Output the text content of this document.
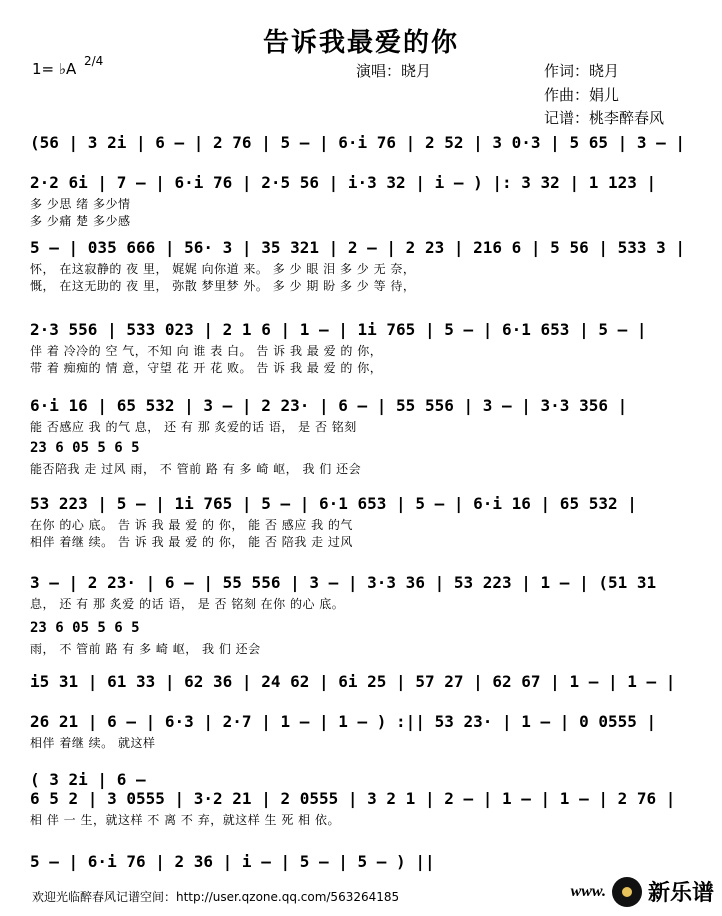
告诉我最爱的你
1= ♭A 2/4
演唱：晓月	作词：晓月
作曲：娟儿
记谱：桃李醉春风
(56 | 3 2i | 6 – | 2 76 | 5 – | 6·i 76 | 2 52 | 3 0·3 | 5 65 | 3 – |
2·2 6i | 7 – | 6·i 76 | 2·5 56 | i·3 32 | i – ) |: 3 32 | 1 123 |
多 少思 绪 多少情
多 少痛 楚 多少感
5 – | 035 666 | 56· 3 | 35 321 | 2 – | 2 23 | 216 6 | 5 56 | 533 3 |
怀， 在这寂静的 夜 里， 娓娓 向你道 来。 多 少 眼 泪 多 少 无 奈，
慨， 在这无助的 夜 里， 弥散 梦里梦 外。 多 少 期 盼 多 少 等 待，
2·3 556 | 533 023 | 2 1 6 | 1 – | 1i 765 | 5 – | 6·1 653 | 5 – |
伴 着 冷冷的 空 气，不知 向 谁 表 白。 告 诉 我 最 爱 的 你，
带 着 痴痴的 情 意，守望 花 开 花 败。 告 诉 我 最 爱 的 你，
6·i 16 | 65 532 | 3 – | 2 23· | 6 – | 55 556 | 3 – | 3·3 356 |
能 否感应 我 的气 息， 还 有 那 炙爱的话 语， 是 否 铭刻
23 6 05 5 6 5
能否陪我 走 过风 雨， 不 管前 路 有 多 崎 岖， 我 们 还会
53 223 | 5 – | 1i 765 | 5 – | 6·1 653 | 5 – | 6·i 16 | 65 532 |
在你 的心 底。 告 诉 我 最 爱 的 你， 能 否 感应 我 的气
相伴 着继 续。 告 诉 我 最 爱 的 你， 能 否 陪我 走 过风
3 – | 2 23· | 6 – | 55 556 | 3 – | 3·3 36 | 53 223 | 1 – | (51 31
息， 还 有 那 炙爱 的话 语， 是 否 铭刻 在你 的心 底。
23 6 05 5 6 5
雨， 不 管前 路 有 多 崎 岖， 我 们 还会
i5 31 | 61 33 | 62 36 | 24 62 | 6i 25 | 57 27 | 62 67 | 1 – | 1 – |
26 21 | 6 – | 6·3 | 2·7 | 1 – | 1 – ) :|| 53 23· | 1 – | 0 0555 |
相伴 着继 续。 就这样
( 3 2i | 6 –
6 5 2 | 3 0555 | 3·2 21 | 2 0555 | 3 2 1 | 2 – | 1 – | 1 – | 2 76 |
相 伴 一 生，就这样 不 离 不 弃，就这样 生 死 相 依。
5 – | 6·i 76 | 2 36 | i – | 5 – | 5 – ) ||
欢迎光临醉春风记谱空间：http://user.qzone.qq.com/563264185	www. 新乐谱
